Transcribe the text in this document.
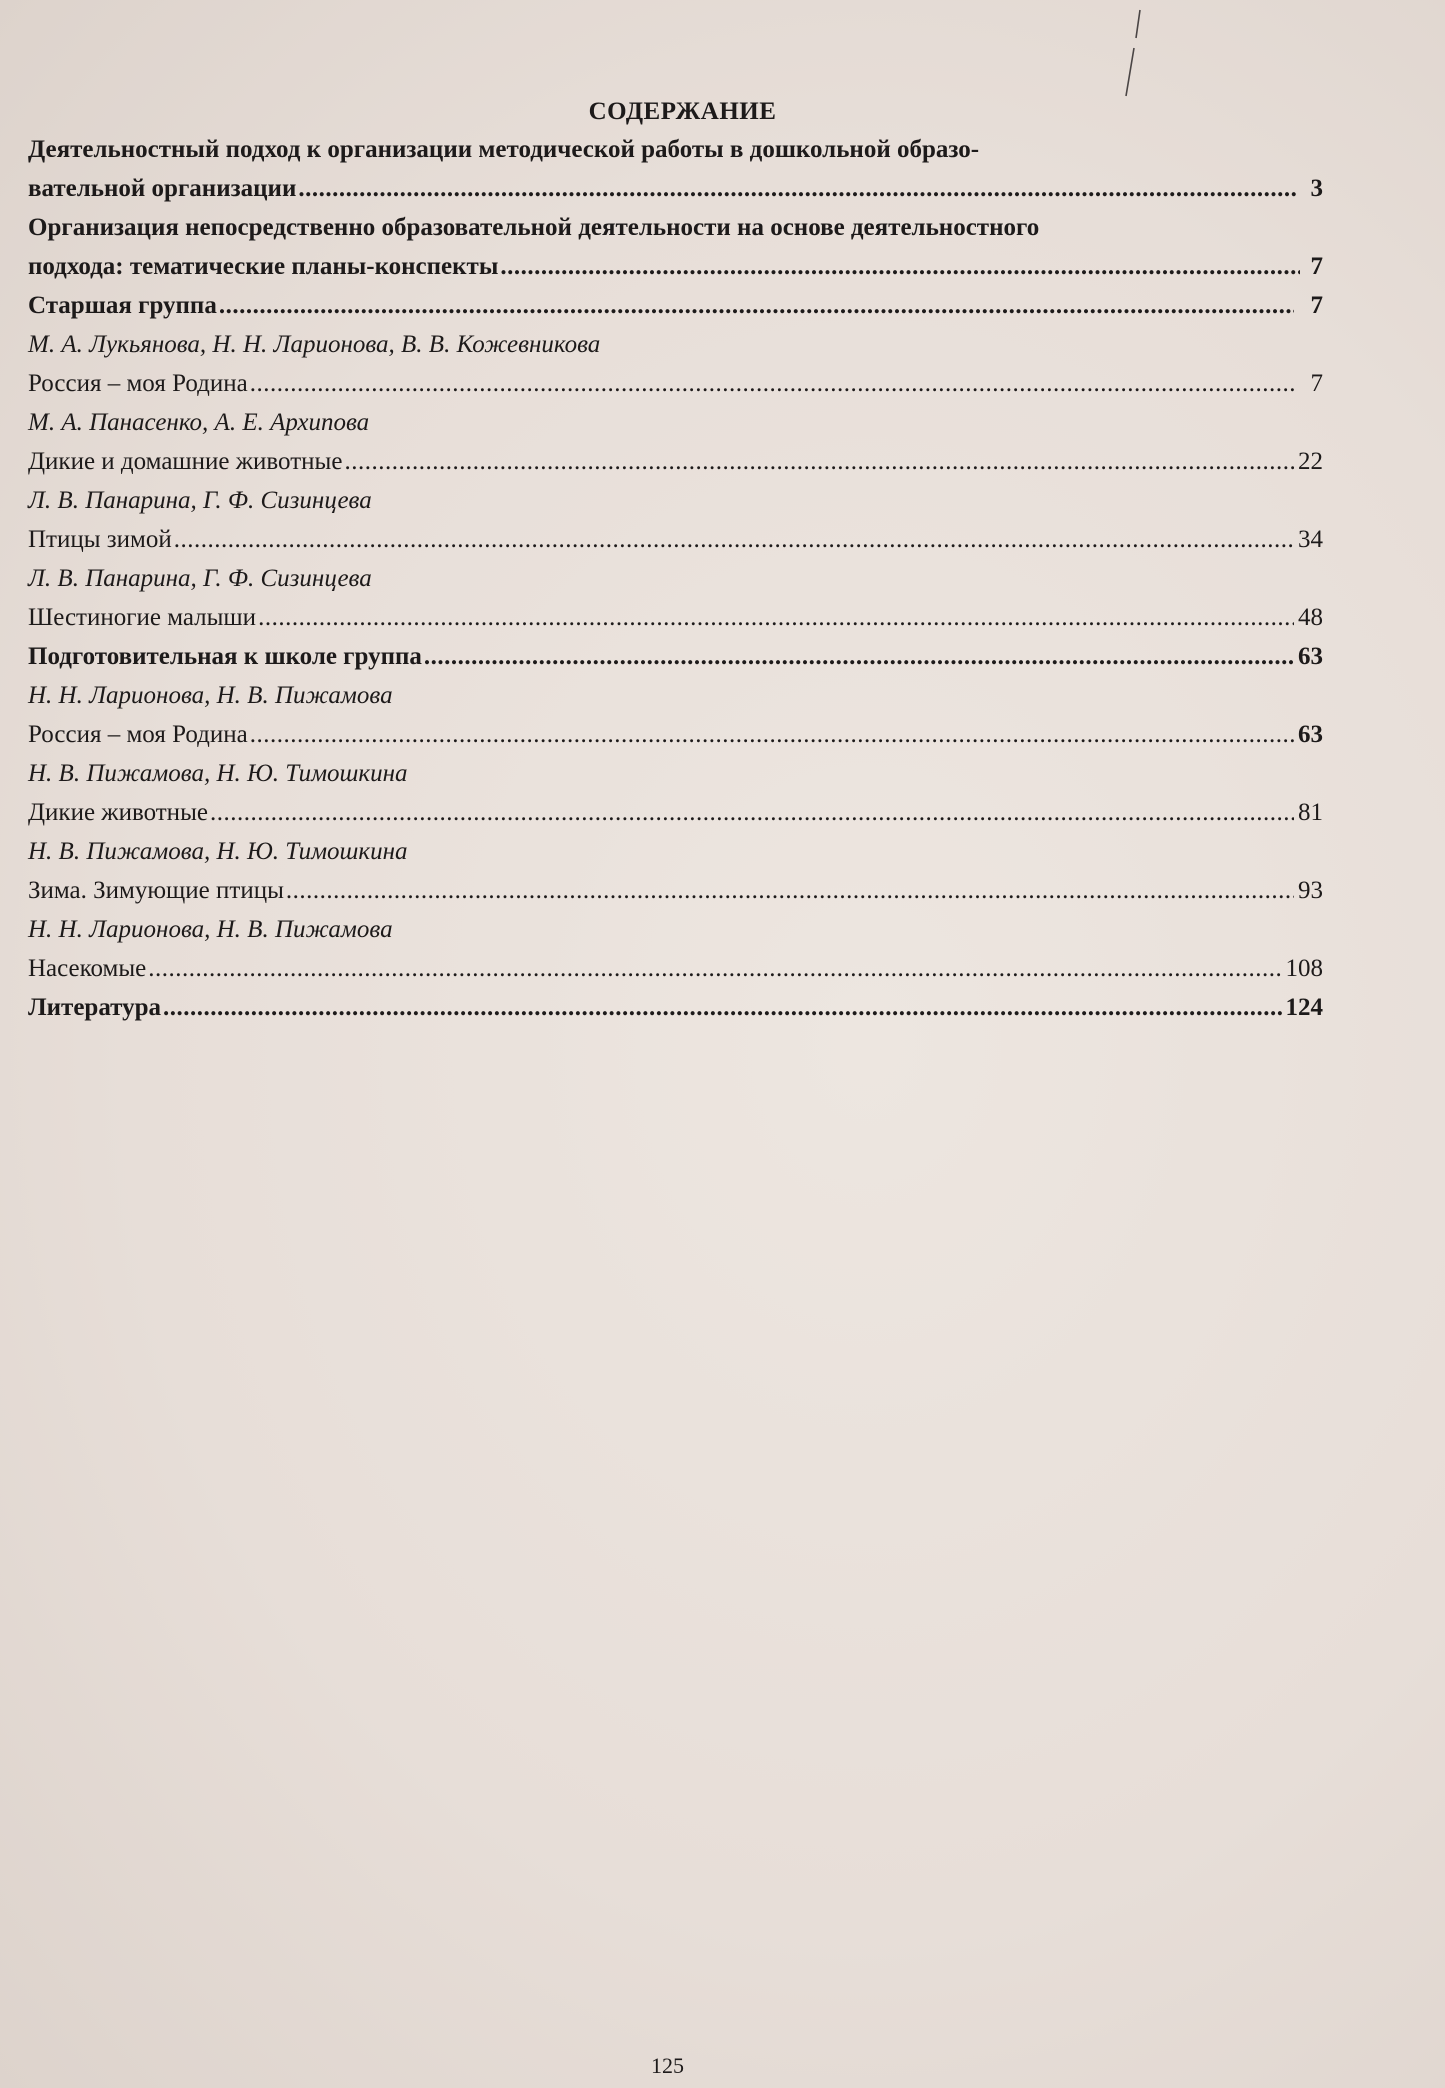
СОДЕРЖАНИЕ
Деятельностный подход к организации методической работы в дошкольной образо-
вательной организации .....	3
Организация непосредственно образовательной деятельности на основе деятельностного
подхода: тематические планы-конспекты .....	7
Старшая группа .....	7
М. А. Лукьянова, Н. Н. Ларионова, В. В. Кожевникова
Россия – моя Родина .....	7
М. А. Панасенко, А. Е. Архипова
Дикие и домашние животные .....	22
Л. В. Панарина, Г. Ф. Сизинцева
Птицы зимой .....	34
Л. В. Панарина, Г. Ф. Сизинцева
Шестиногие малыши .....	48
Подготовительная к школе группа .....	63
Н. Н. Ларионова, Н. В. Пижамова
Россия – моя Родина .....	63
Н. В. Пижамова, Н. Ю. Тимошкина
Дикие животные .....	81
Н. В. Пижамова, Н. Ю. Тимошкина
Зима. Зимующие птицы .....	93
Н. Н. Ларионова, Н. В. Пижамова
Насекомые .....	108
Литература .....	124
125
